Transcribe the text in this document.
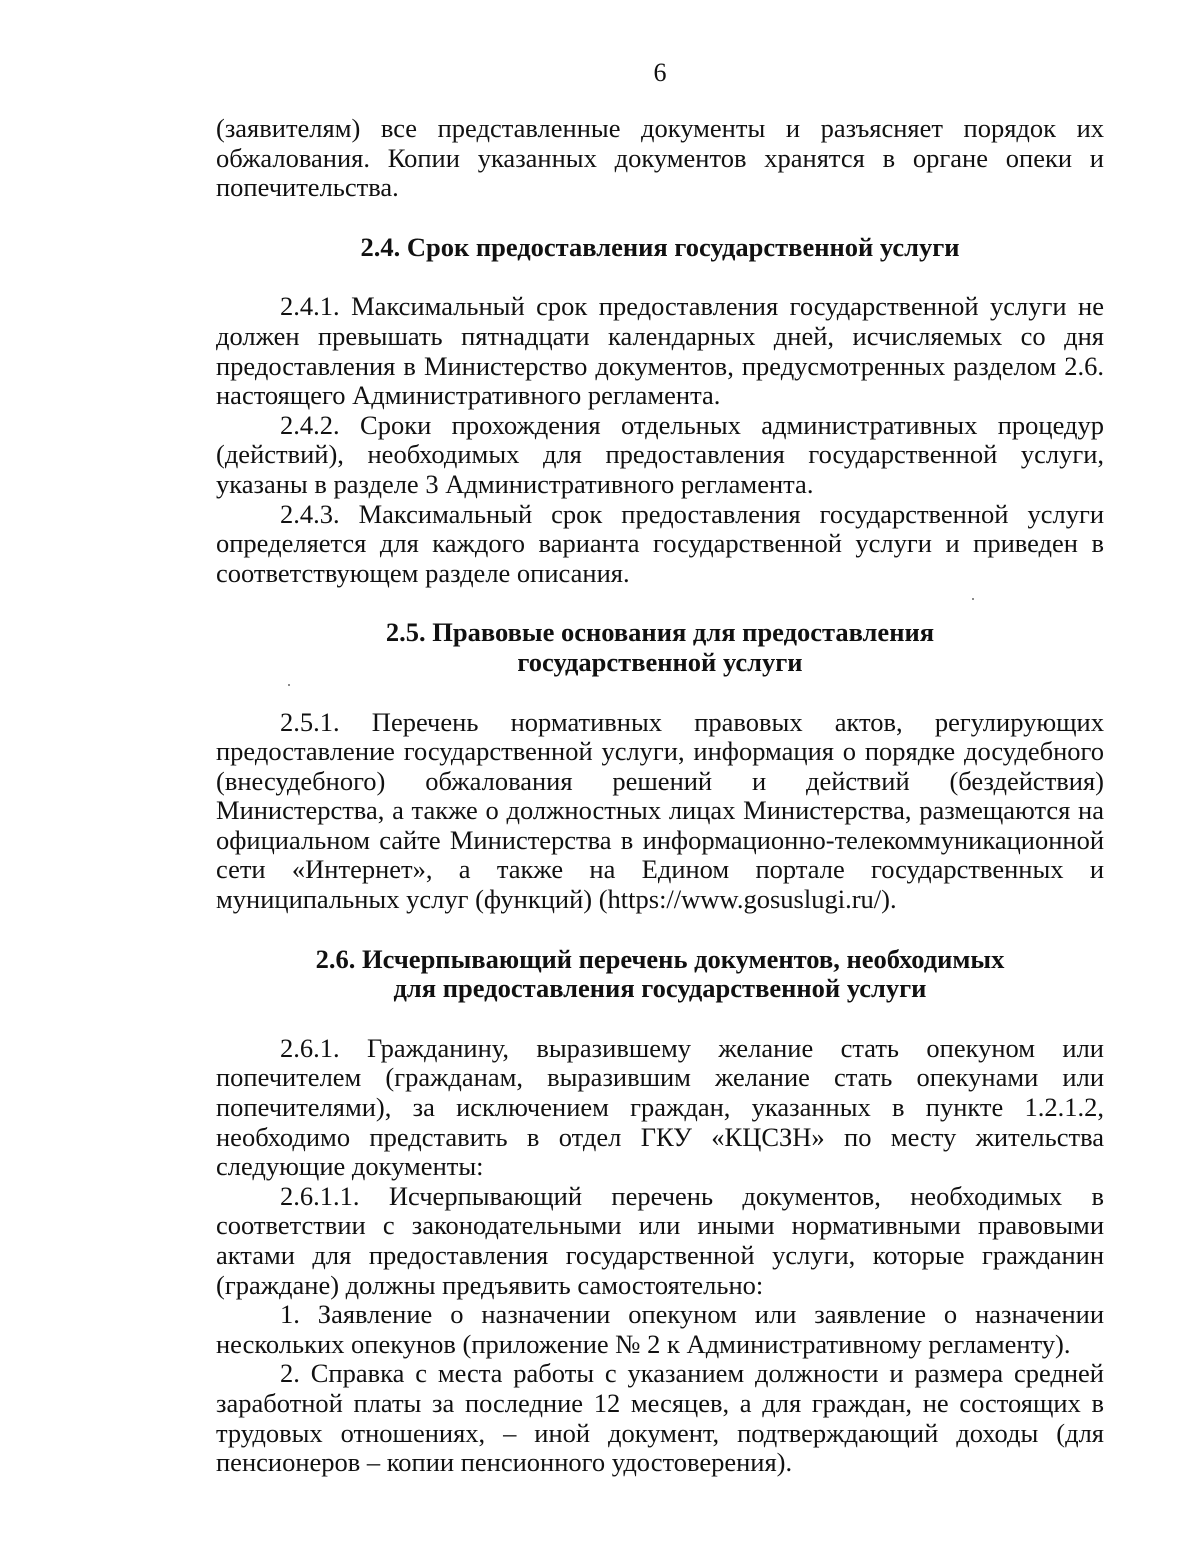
6

(заявителям) все представленные документы и разъясняет порядок их обжалования. Копии указанных документов хранятся в органе опеки и попечительства.

2.4. Срок предоставления государственной услуги

2.4.1. Максимальный срок предоставления государственной услуги не должен превышать пятнадцати календарных дней, исчисляемых со дня предоставления в Министерство документов, предусмотренных разделом 2.6. настоящего Административного регламента.

2.4.2. Сроки прохождения отдельных административных процедур (действий), необходимых для предоставления государственной услуги, указаны в разделе 3 Административного регламента.

2.4.3. Максимальный срок предоставления государственной услуги определяется для каждого варианта государственной услуги и приведен в соответствующем разделе описания.

2.5. Правовые основания для предоставления
государственной услуги

2.5.1. Перечень нормативных правовых актов, регулирующих предоставление государственной услуги, информация о порядке досудебного (внесудебного) обжалования решений и действий (бездействия) Министерства, а также о должностных лицах Министерства, размещаются на официальном сайте Министерства в информационно-телекоммуникационной сети «Интернет», а также на Едином портале государственных и муниципальных услуг (функций) (https://www.gosuslugi.ru/).

2.6. Исчерпывающий перечень документов, необходимых
для предоставления государственной услуги

2.6.1. Гражданину, выразившему желание стать опекуном или попечителем (гражданам, выразившим желание стать опекунами или попечителями), за исключением граждан, указанных в пункте 1.2.1.2, необходимо представить в отдел ГКУ «КЦСЗН» по месту жительства следующие документы:

2.6.1.1. Исчерпывающий перечень документов, необходимых в соответствии с законодательными или иными нормативными правовыми актами для предоставления государственной услуги, которые гражданин (граждане) должны предъявить самостоятельно:

1. Заявление о назначении опекуном или заявление о назначении нескольких опекунов (приложение № 2 к Административному регламенту).

2. Справка с места работы с указанием должности и размера средней заработной платы за последние 12 месяцев, а для граждан, не состоящих в трудовых отношениях, – иной документ, подтверждающий доходы (для пенсионеров – копии пенсионного удостоверения).
